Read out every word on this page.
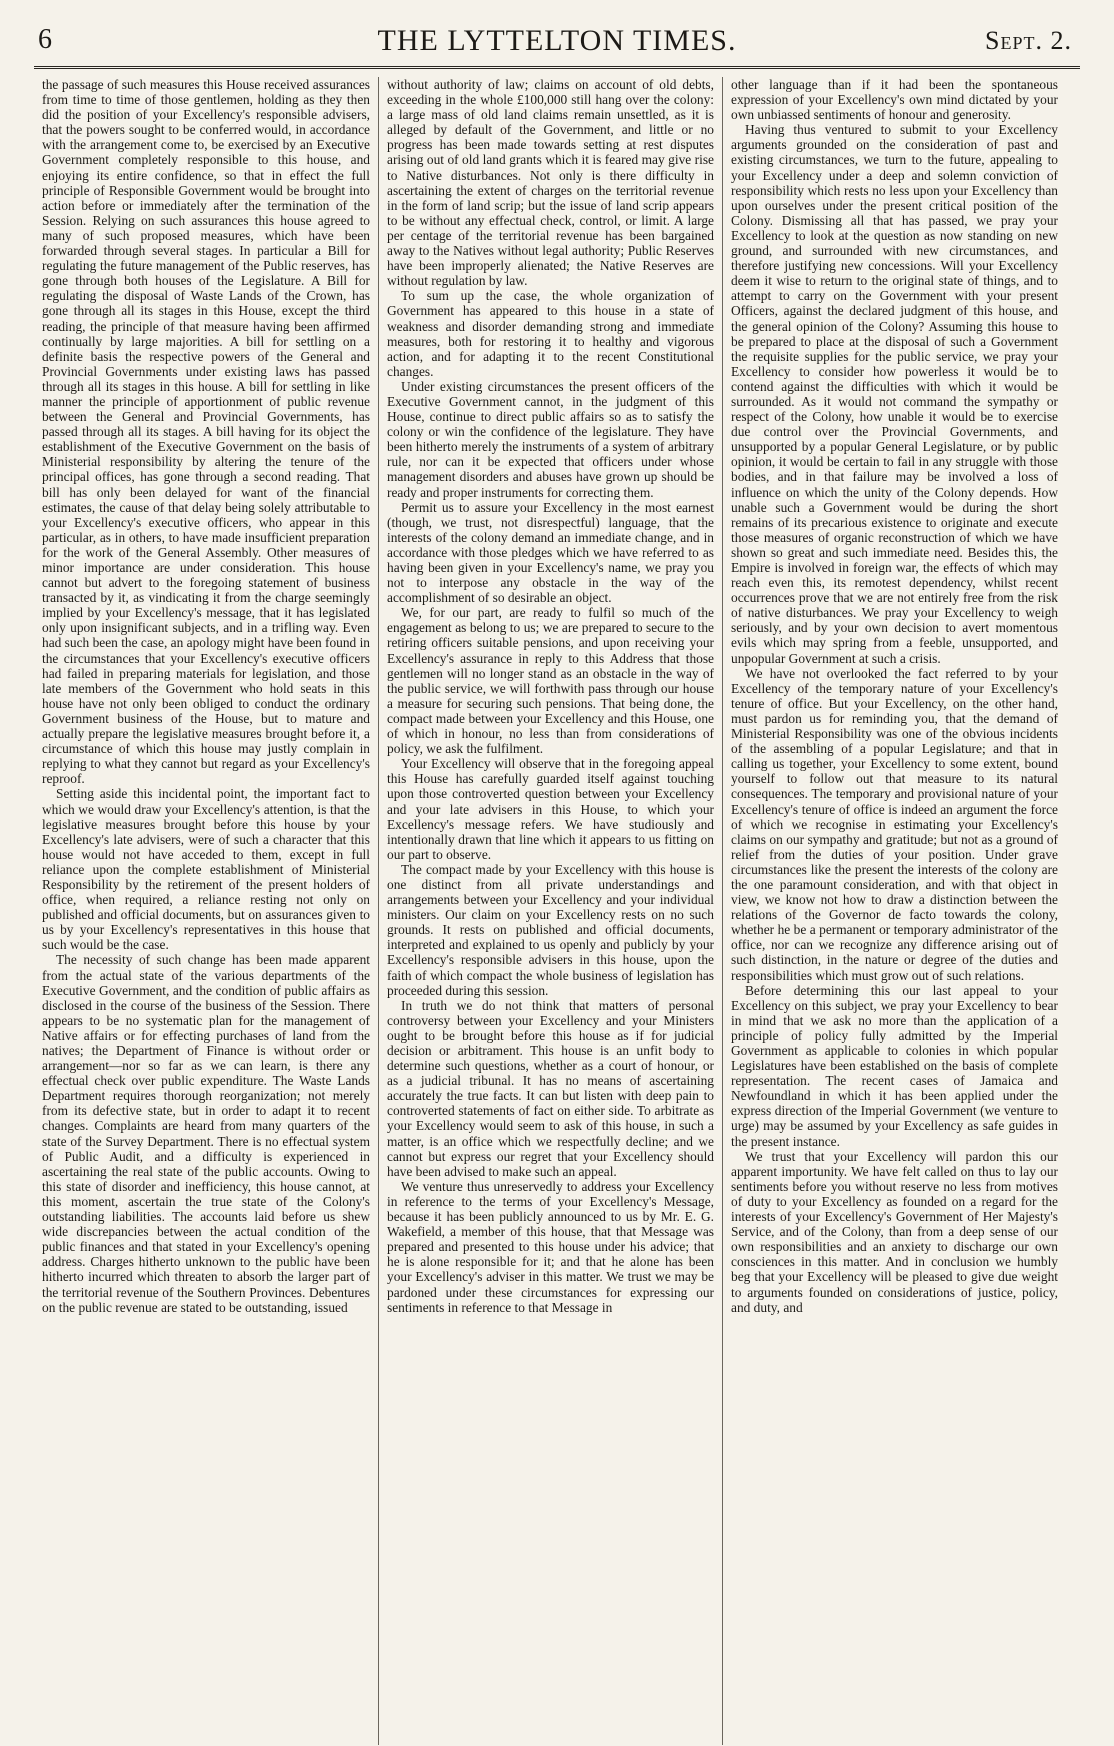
6	THE LYTTELTON TIMES.	Sept. 2.

the passage of such measures this House received assurances from time to time of those gentlemen, holding as they then did the position of your Excellency's responsible advisers, that the powers sought to be conferred would, in accordance with the arrangement come to, be exercised by an Executive Government completely responsible to this house, and enjoying its entire confidence, so that in effect the full principle of Responsible Government would be brought into action before or immediately after the termination of the Session. Relying on such assurances this house agreed to many of such proposed measures, which have been forwarded through several stages. In particular a Bill for regulating the future management of the Public reserves, has gone through both houses of the Legislature. A Bill for regulating the disposal of Waste Lands of the Crown, has gone through all its stages in this House, except the third reading, the principle of that measure having been affirmed continually by large majorities. A bill for settling on a definite basis the respective powers of the General and Provincial Governments under existing laws has passed through all its stages in this house. A bill for settling in like manner the principle of apportionment of public revenue between the General and Provincial Governments, has passed through all its stages. A bill having for its object the establishment of the Executive Government on the basis of Ministerial responsibility by altering the tenure of the principal offices, has gone through a second reading. That bill has only been delayed for want of the financial estimates, the cause of that delay being solely attributable to your Excellency's executive officers, who appear in this particular, as in others, to have made insufficient preparation for the work of the General Assembly. Other measures of minor importance are under consideration. This house cannot but advert to the foregoing statement of business transacted by it, as vindicating it from the charge seemingly implied by your Excellency's message, that it has legislated only upon insignificant subjects, and in a trifling way. Even had such been the case, an apology might have been found in the circumstances that your Excellency's executive officers had failed in preparing materials for legislation, and those late members of the Government who hold seats in this house have not only been obliged to conduct the ordinary Government business of the House, but to mature and actually prepare the legislative measures brought before it, a circumstance of which this house may justly complain in replying to what they cannot but regard as your Excellency's reproof.

Setting aside this incidental point, the important fact to which we would draw your Excellency's attention, is that the legislative measures brought before this house by your Excellency's late advisers, were of such a character that this house would not have acceded to them, except in full reliance upon the complete establishment of Ministerial Responsibility by the retirement of the present holders of office, when required, a reliance resting not only on published and official documents, but on assurances given to us by your Excellency's representatives in this house that such would be the case.

The necessity of such change has been made apparent from the actual state of the various departments of the Executive Government, and the condition of public affairs as disclosed in the course of the business of the Session. There appears to be no systematic plan for the management of Native affairs or for effecting purchases of land from the natives; the Department of Finance is without order or arrangement—nor so far as we can learn, is there any effectual check over public expenditure. The Waste Lands Department requires thorough reorganization; not merely from its defective state, but in order to adapt it to recent changes. Complaints are heard from many quarters of the state of the Survey Department. There is no effectual system of Public Audit, and a difficulty is experienced in ascertaining the real state of the public accounts. Owing to this state of disorder and inefficiency, this house cannot, at this moment, ascertain the true state of the Colony's outstanding liabilities. The accounts laid before us shew wide discrepancies between the actual condition of the public finances and that stated in your Excellency's opening address. Charges hitherto unknown to the public have been hitherto incurred which threaten to absorb the larger part of the territorial revenue of the Southern Provinces. Debentures on the public revenue are stated to be outstanding, issued

without authority of law; claims on account of old debts, exceeding in the whole £100,000 still hang over the colony: a large mass of old land claims remain unsettled, as it is alleged by default of the Government, and little or no progress has been made towards setting at rest disputes arising out of old land grants which it is feared may give rise to Native disturbances. Not only is there difficulty in ascertaining the extent of charges on the territorial revenue in the form of land scrip; but the issue of land scrip appears to be without any effectual check, control, or limit. A large per centage of the territorial revenue has been bargained away to the Natives without legal authority; Public Reserves have been improperly alienated; the Native Reserves are without regulation by law.

To sum up the case, the whole organization of Government has appeared to this house in a state of weakness and disorder demanding strong and immediate measures, both for restoring it to healthy and vigorous action, and for adapting it to the recent Constitutional changes.

Under existing circumstances the present officers of the Executive Government cannot, in the judgment of this House, continue to direct public affairs so as to satisfy the colony or win the confidence of the legislature. They have been hitherto merely the instruments of a system of arbitrary rule, nor can it be expected that officers under whose management disorders and abuses have grown up should be ready and proper instruments for correcting them.

Permit us to assure your Excellency in the most earnest (though, we trust, not disrespectful) language, that the interests of the colony demand an immediate change, and in accordance with those pledges which we have referred to as having been given in your Excellency's name, we pray you not to interpose any obstacle in the way of the accomplishment of so desirable an object.

We, for our part, are ready to fulfil so much of the engagement as belong to us; we are prepared to secure to the retiring officers suitable pensions, and upon receiving your Excellency's assurance in reply to this Address that those gentlemen will no longer stand as an obstacle in the way of the public service, we will forthwith pass through our house a measure for securing such pensions. That being done, the compact made between your Excellency and this House, one of which in honour, no less than from considerations of policy, we ask the fulfilment.

Your Excellency will observe that in the foregoing appeal this House has carefully guarded itself against touching upon those controverted question between your Excellency and your late advisers in this House, to which your Excellency's message refers. We have studiously and intentionally drawn that line which it appears to us fitting on our part to observe.

The compact made by your Excellency with this house is one distinct from all private understandings and arrangements between your Excellency and your individual ministers. Our claim on your Excellency rests on no such grounds. It rests on published and official documents, interpreted and explained to us openly and publicly by your Excellency's responsible advisers in this house, upon the faith of which compact the whole business of legislation has proceeded during this session.

In truth we do not think that matters of personal controversy between your Excellency and your Ministers ought to be brought before this house as if for judicial decision or arbitrament. This house is an unfit body to determine such questions, whether as a court of honour, or as a judicial tribunal. It has no means of ascertaining accurately the true facts. It can but listen with deep pain to controverted statements of fact on either side. To arbitrate as your Excellency would seem to ask of this house, in such a matter, is an office which we respectfully decline; and we cannot but express our regret that your Excellency should have been advised to make such an appeal.

We venture thus unreservedly to address your Excellency in reference to the terms of your Excellency's Message, because it has been publicly announced to us by Mr. E. G. Wakefield, a member of this house, that that Message was prepared and presented to this house under his advice; that he is alone responsible for it; and that he alone has been your Excellency's adviser in this matter. We trust we may be pardoned under these circumstances for expressing our sentiments in reference to that Message in

other language than if it had been the spontaneous expression of your Excellency's own mind dictated by your own unbiassed sentiments of honour and generosity.

Having thus ventured to submit to your Excellency arguments grounded on the consideration of past and existing circumstances, we turn to the future, appealing to your Excellency under a deep and solemn conviction of responsibility which rests no less upon your Excellency than upon ourselves under the present critical position of the Colony. Dismissing all that has passed, we pray your Excellency to look at the question as now standing on new ground, and surrounded with new circumstances, and therefore justifying new concessions. Will your Excellency deem it wise to return to the original state of things, and to attempt to carry on the Government with your present Officers, against the declared judgment of this house, and the general opinion of the Colony? Assuming this house to be prepared to place at the disposal of such a Government the requisite supplies for the public service, we pray your Excellency to consider how powerless it would be to contend against the difficulties with which it would be surrounded. As it would not command the sympathy or respect of the Colony, how unable it would be to exercise due control over the Provincial Governments, and unsupported by a popular General Legislature, or by public opinion, it would be certain to fail in any struggle with those bodies, and in that failure may be involved a loss of influence on which the unity of the Colony depends. How unable such a Government would be during the short remains of its precarious existence to originate and execute those measures of organic reconstruction of which we have shown so great and such immediate need. Besides this, the Empire is involved in foreign war, the effects of which may reach even this, its remotest dependency, whilst recent occurrences prove that we are not entirely free from the risk of native disturbances. We pray your Excellency to weigh seriously, and by your own decision to avert momentous evils which may spring from a feeble, unsupported, and unpopular Government at such a crisis.

We have not overlooked the fact referred to by your Excellency of the temporary nature of your Excellency's tenure of office. But your Excellency, on the other hand, must pardon us for reminding you, that the demand of Ministerial Responsibility was one of the obvious incidents of the assembling of a popular Legislature; and that in calling us together, your Excellency to some extent, bound yourself to follow out that measure to its natural consequences. The temporary and provisional nature of your Excellency's tenure of office is indeed an argument the force of which we recognise in estimating your Excellency's claims on our sympathy and gratitude; but not as a ground of relief from the duties of your position. Under grave circumstances like the present the interests of the colony are the one paramount consideration, and with that object in view, we know not how to draw a distinction between the relations of the Governor de facto towards the colony, whether he be a permanent or temporary administrator of the office, nor can we recognize any difference arising out of such distinction, in the nature or degree of the duties and responsibilities which must grow out of such relations.

Before determining this our last appeal to your Excellency on this subject, we pray your Excellency to bear in mind that we ask no more than the application of a principle of policy fully admitted by the Imperial Government as applicable to colonies in which popular Legislatures have been established on the basis of complete representation. The recent cases of Jamaica and Newfoundland in which it has been applied under the express direction of the Imperial Government (we venture to urge) may be assumed by your Excellency as safe guides in the present instance.

We trust that your Excellency will pardon this our apparent importunity. We have felt called on thus to lay our sentiments before you without reserve no less from motives of duty to your Excellency as founded on a regard for the interests of your Excellency's Government of Her Majesty's Service, and of the Colony, than from a deep sense of our own responsibilities and an anxiety to discharge our own consciences in this matter. And in conclusion we humbly beg that your Excellency will be pleased to give due weight to arguments founded on considerations of justice, policy, and duty, and
